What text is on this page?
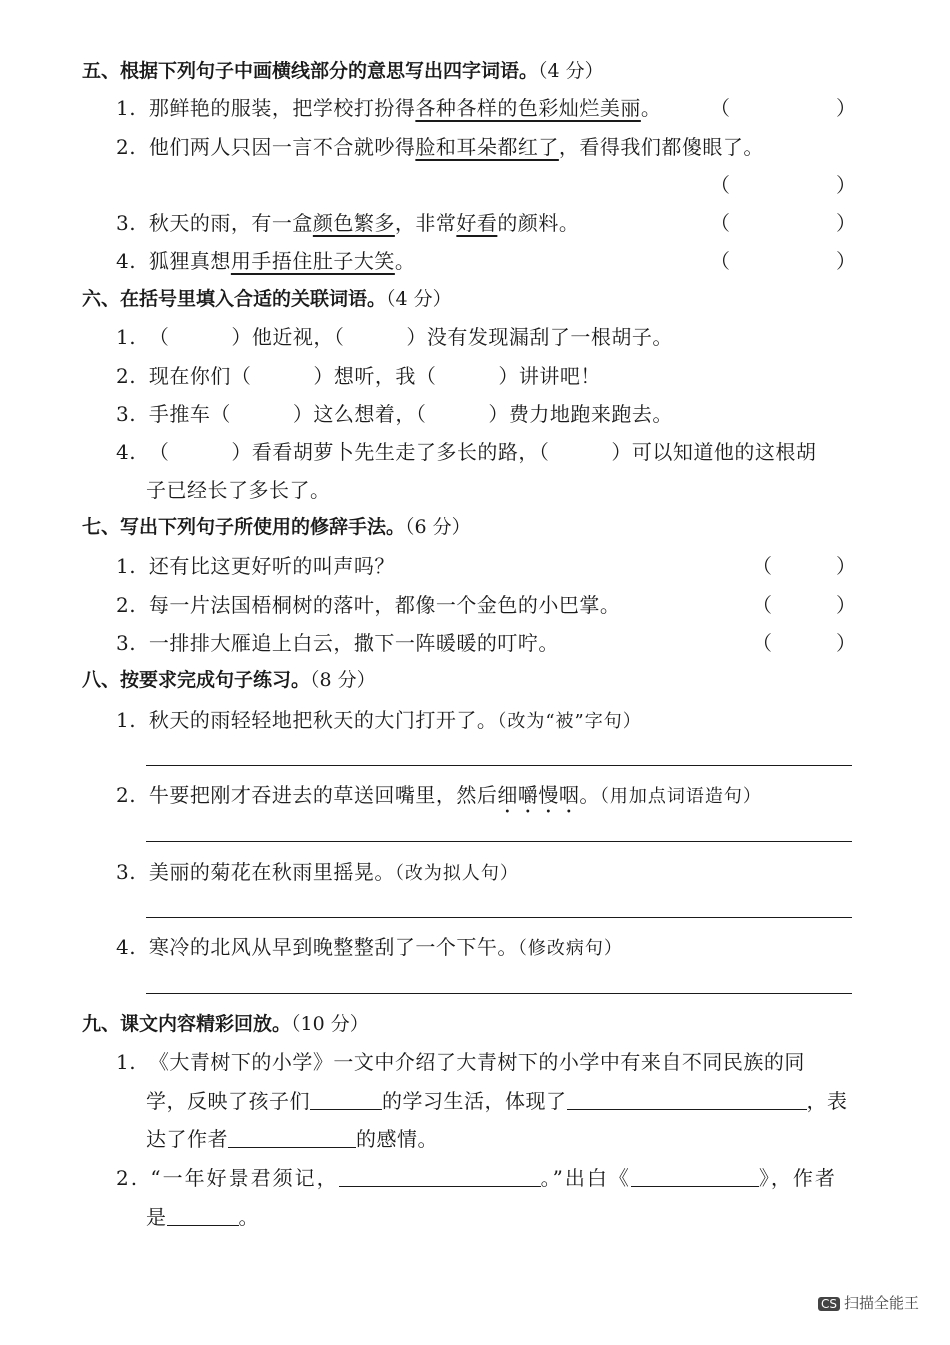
五、根据下列句子中画横线部分的意思写出四字词语。（4 分）
1. 那鲜艳的服装，把学校打扮得各种各样的色彩灿烂美丽。 （	）
2. 他们两人只因一言不合就吵得脸和耳朵都红了，看得我们都傻眼了。
（	）
3. 秋天的雨，有一盒颜色繁多，非常好看的颜料。	（	）
4. 狐狸真想用手捂住肚子大笑。	（	）
六、在括号里填入合适的关联词语。（4 分）
1. （	）他近视，（	）没有发现漏刮了一根胡子。
2. 现在你们（	）想听，我（	）讲讲吧！
3. 手推车（	）这么想着，（	）费力地跑来跑去。
4. （	）看看胡萝卜先生走了多长的路，（	）可以知道他的这根胡
子已经长了多长了。
七、写出下列句子所使用的修辞手法。（6 分）
1. 还有比这更好听的叫声吗？	（	）
2. 每一片法国梧桐树的落叶，都像一个金色的小巴掌。	（	）
3. 一排排大雁追上白云，撒下一阵暖暖的叮咛。	（	）
八、按要求完成句子练习。（8 分）
1. 秋天的雨轻轻地把秋天的大门打开了。（改为“被”字句）
2. 牛要把刚才吞进去的草送回嘴里，然后细嚼慢咽。（用加点词语造句）
3. 美丽的菊花在秋雨里摇晃。（改为拟人句）
4. 寒冷的北风从早到晚整整刮了一个下午。（修改病句）
九、课文内容精彩回放。（10 分）
1. 《大青树下的小学》一文中介绍了大青树下的小学中有来自不同民族的同
学，反映了孩子们	的学习生活，体现了	，表
达了作者	的感情。
2. “一年好景君须记，	。”出白《	》，作者
是	。
CS 扫描全能王
